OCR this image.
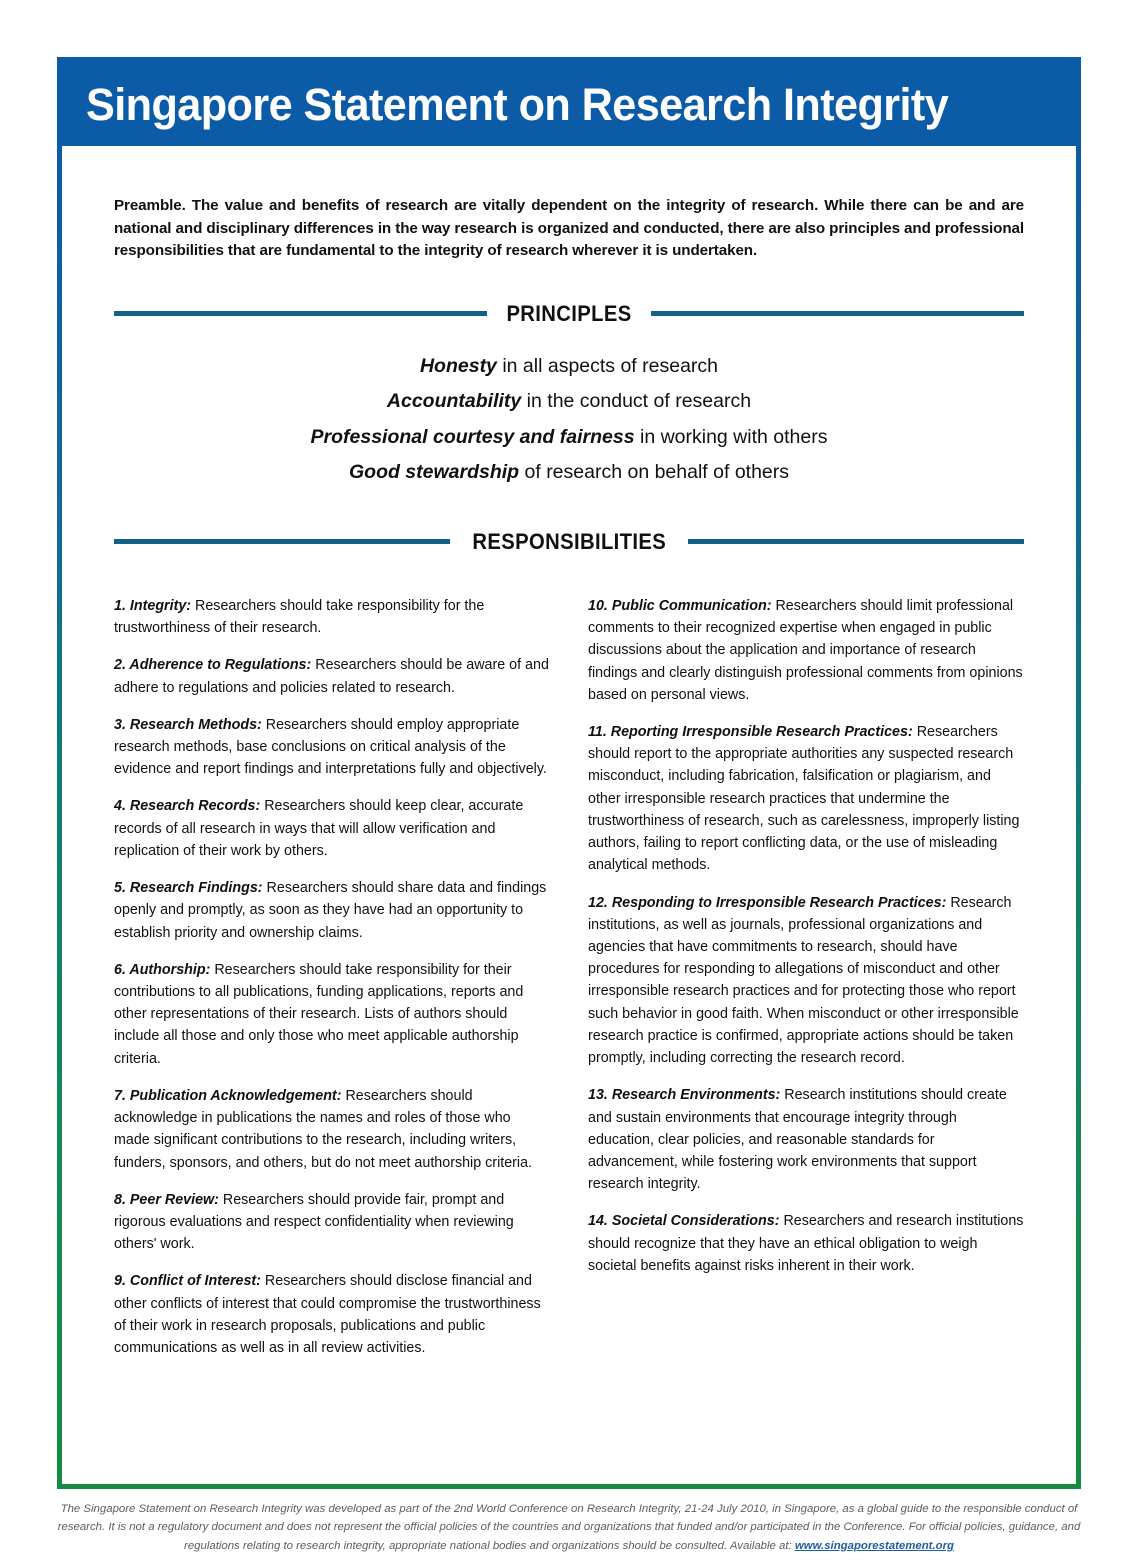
Singapore Statement on Research Integrity

Preamble. The value and benefits of research are vitally dependent on the integrity of research. While there can be and are national and disciplinary differences in the way research is organized and conducted, there are also principles and professional responsibilities that are fundamental to the integrity of research wherever it is undertaken.

PRINCIPLES
Honesty in all aspects of research
Accountability in the conduct of research
Professional courtesy and fairness in working with others
Good stewardship of research on behalf of others
RESPONSIBILITIES

1. Integrity: Researchers should take responsibility for the trustworthiness of their research.

2. Adherence to Regulations: Researchers should be aware of and adhere to regulations and policies related to research.

3. Research Methods: Researchers should employ appropriate research methods, base conclusions on critical analysis of the evidence and report findings and interpretations fully and objectively.

4. Research Records: Researchers should keep clear, accurate records of all research in ways that will allow verification and replication of their work by others.

5. Research Findings: Researchers should share data and findings openly and promptly, as soon as they have had an opportunity to establish priority and ownership claims.

6. Authorship: Researchers should take responsibility for their contributions to all publications, funding applications, reports and other representations of their research. Lists of authors should include all those and only those who meet applicable authorship criteria.

7. Publication Acknowledgement: Researchers should acknowledge in publications the names and roles of those who made significant contributions to the research, including writers, funders, sponsors, and others, but do not meet authorship criteria.

8. Peer Review: Researchers should provide fair, prompt and rigorous evaluations and respect confidentiality when reviewing others' work.

9. Conflict of Interest: Researchers should disclose financial and other conflicts of interest that could compromise the trustworthiness of their work in research proposals, publications and public communications as well as in all review activities.

10. Public Communication: Researchers should limit professional comments to their recognized expertise when engaged in public discussions about the application and importance of research findings and clearly distinguish professional comments from opinions based on personal views.

11. Reporting Irresponsible Research Practices: Researchers should report to the appropriate authorities any suspected research misconduct, including fabrication, falsification or plagiarism, and other irresponsible research practices that undermine the trustworthiness of research, such as carelessness, improperly listing authors, failing to report conflicting data, or the use of misleading analytical methods.

12. Responding to Irresponsible Research Practices: Research institutions, as well as journals, professional organizations and agencies that have commitments to research, should have procedures for responding to allegations of misconduct and other irresponsible research practices and for protecting those who report such behavior in good faith. When misconduct or other irresponsible research practice is confirmed, appropriate actions should be taken promptly, including correcting the research record.

13. Research Environments: Research institutions should create and sustain environments that encourage integrity through education, clear policies, and reasonable standards for advancement, while fostering work environments that support research integrity.

14. Societal Considerations: Researchers and research institutions should recognize that they have an ethical obligation to weigh societal benefits against risks inherent in their work.

The Singapore Statement on Research Integrity was developed as part of the 2nd World Conference on Research Integrity, 21-24 July 2010, in Singapore, as a global guide to the responsible conduct of research. It is not a regulatory document and does not represent the official policies of the countries and organizations that funded and/or participated in the Conference. For official policies, guidance, and regulations relating to research integrity, appropriate national bodies and organizations should be consulted. Available at: www.singaporestatement.org
